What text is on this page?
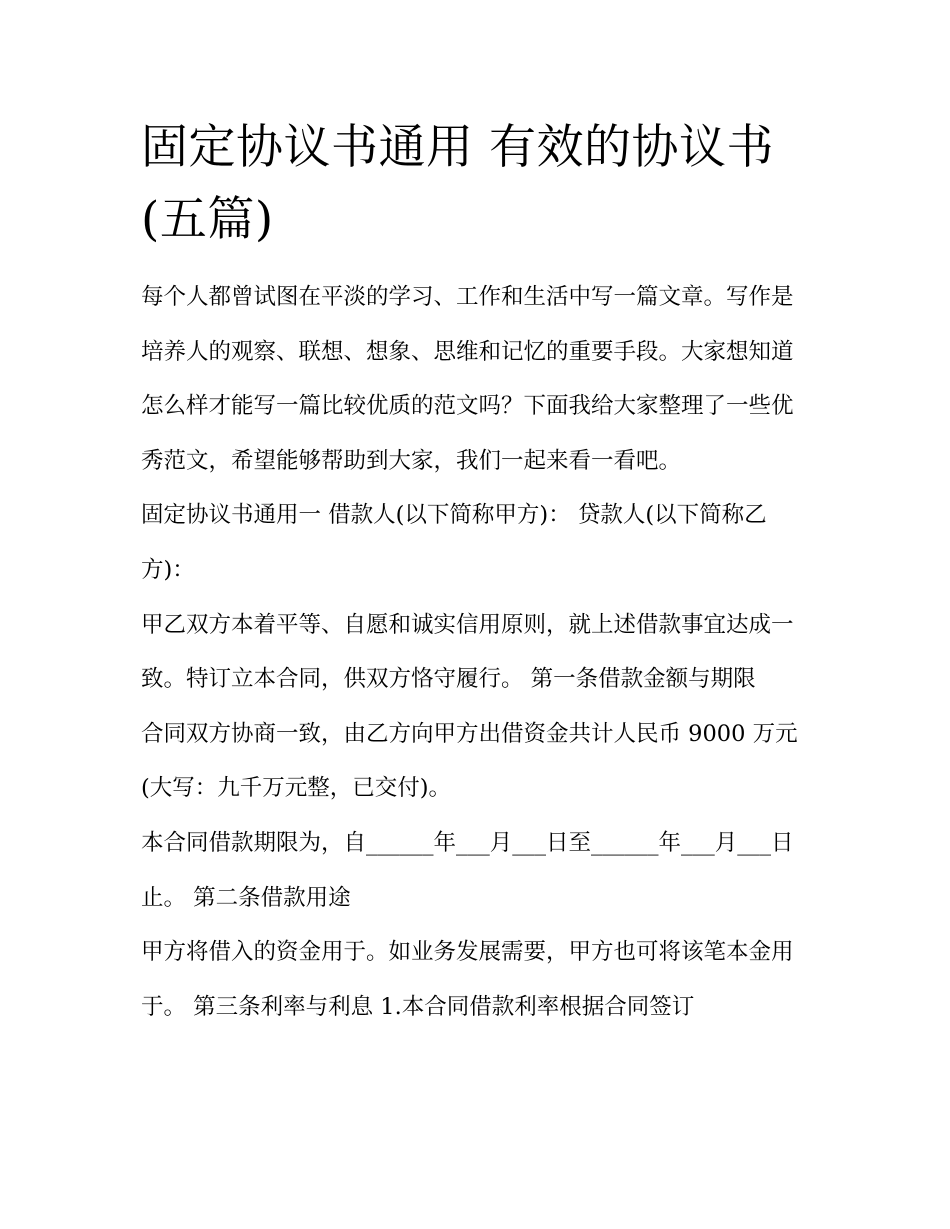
固定协议书通用 有效的协议书(五篇)

每个人都曾试图在平淡的学习、工作和生活中写一篇文章。写作是培养人的观察、联想、想象、思维和记忆的重要手段。大家想知道怎么样才能写一篇比较优质的范文吗？下面我给大家整理了一些优秀范文，希望能够帮助到大家，我们一起来看一看吧。

固定协议书通用一 借款人(以下简称甲方)： 贷款人(以下简称乙方)：

甲乙双方本着平等、自愿和诚实信用原则，就上述借款事宜达成一致。特订立本合同，供双方恪守履行。 第一条借款金额与期限

合同双方协商一致，由乙方向甲方出借资金共计人民币 9000 万元(大写：九千万元整，已交付)。

本合同借款期限为，自______年___月___日至______年___月___日止。 第二条借款用途

甲方将借入的资金用于。如业务发展需要，甲方也可将该笔本金用于。 第三条利率与利息 1.本合同借款利率根据合同签订
